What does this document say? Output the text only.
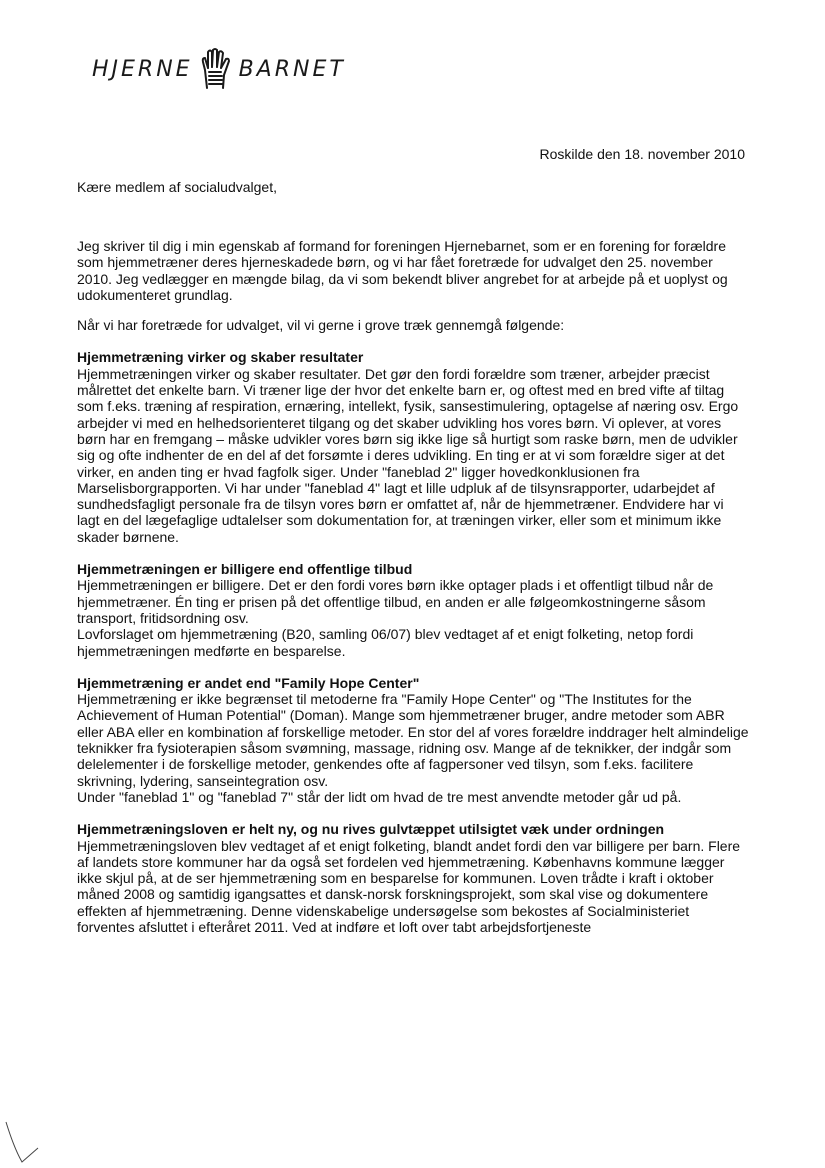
HJERNE BARNET
Roskilde den 18. november 2010
Kære medlem af socialudvalget,

Jeg skriver til dig i min egenskab af formand for foreningen Hjernebarnet, som er en forening for forældre som hjemmetræner deres hjerneskadede børn, og vi har fået foretræde for udvalget den 25. november 2010. Jeg vedlægger en mængde bilag, da vi som bekendt bliver angrebet for at arbejde på et uoplyst og udokumenteret grundlag.

Når vi har foretræde for udvalget, vil vi gerne i grove træk gennemgå følgende:

Hjemmetræning virker og skaber resultater

Hjemmetræningen virker og skaber resultater. Det gør den fordi forældre som træner, arbejder præcist målrettet det enkelte barn. Vi træner lige der hvor det enkelte barn er, og oftest med en bred vifte af tiltag som f.eks. træning af respiration, ernæring, intellekt, fysik, sansestimulering, optagelse af næring osv. Ergo arbejder vi med en helhedsorienteret tilgang og det skaber udvikling hos vores børn. Vi oplever, at vores børn har en fremgang – måske udvikler vores børn sig ikke lige så hurtigt som raske børn, men de udvikler sig og ofte indhenter de en del af det forsømte i deres udvikling. En ting er at vi som forældre siger at det virker, en anden ting er hvad fagfolk siger. Under "faneblad 2" ligger hovedkonklusionen fra Marselisborgrapporten. Vi har under "faneblad 4" lagt et lille udpluk af de tilsynsrapporter, udarbejdet af sundhedsfagligt personale fra de tilsyn vores børn er omfattet af, når de hjemmetræner. Endvidere har vi lagt en del lægefaglige udtalelser som dokumentation for, at træningen virker, eller som et minimum ikke skader børnene.

Hjemmetræningen er billigere end offentlige tilbud

Hjemmetræningen er billigere. Det er den fordi vores børn ikke optager plads i et offentligt tilbud når de hjemmetræner. Én ting er prisen på det offentlige tilbud, en anden er alle følgeomkostningerne såsom transport, fritidsordning osv.

Lovforslaget om hjemmetræning (B20, samling 06/07) blev vedtaget af et enigt folketing, netop fordi hjemmetræningen medførte en besparelse.

Hjemmetræning er andet end "Family Hope Center"

Hjemmetræning er ikke begrænset til metoderne fra "Family Hope Center" og "The Institutes for the Achievement of Human Potential" (Doman). Mange som hjemmetræner bruger, andre metoder som ABR eller ABA eller en kombination af forskellige metoder. En stor del af vores forældre inddrager helt almindelige teknikker fra fysioterapien såsom svømning, massage, ridning osv. Mange af de teknikker, der indgår som delelementer i de forskellige metoder, genkendes ofte af fagpersoner ved tilsyn, som f.eks. facilitere skrivning, lydering, sanseintegration osv.

Under "faneblad 1" og "faneblad 7" står der lidt om hvad de tre mest anvendte metoder går ud på.

Hjemmetræningsloven er helt ny, og nu rives gulvtæppet utilsigtet væk under ordningen

Hjemmetræningsloven blev vedtaget af et enigt folketing, blandt andet fordi den var billigere per barn. Flere af landets store kommuner har da også set fordelen ved hjemmetræning. Københavns kommune lægger ikke skjul på, at de ser hjemmetræning som en besparelse for kommunen. Loven trådte i kraft i oktober måned 2008 og samtidig igangsattes et dansk-norsk forskningsprojekt, som skal vise og dokumentere effekten af hjemmetræning. Denne videnskabelige undersøgelse som bekostes af Socialministeriet forventes afsluttet i efteråret 2011. Ved at indføre et loft over tabt arbejdsfortjeneste
